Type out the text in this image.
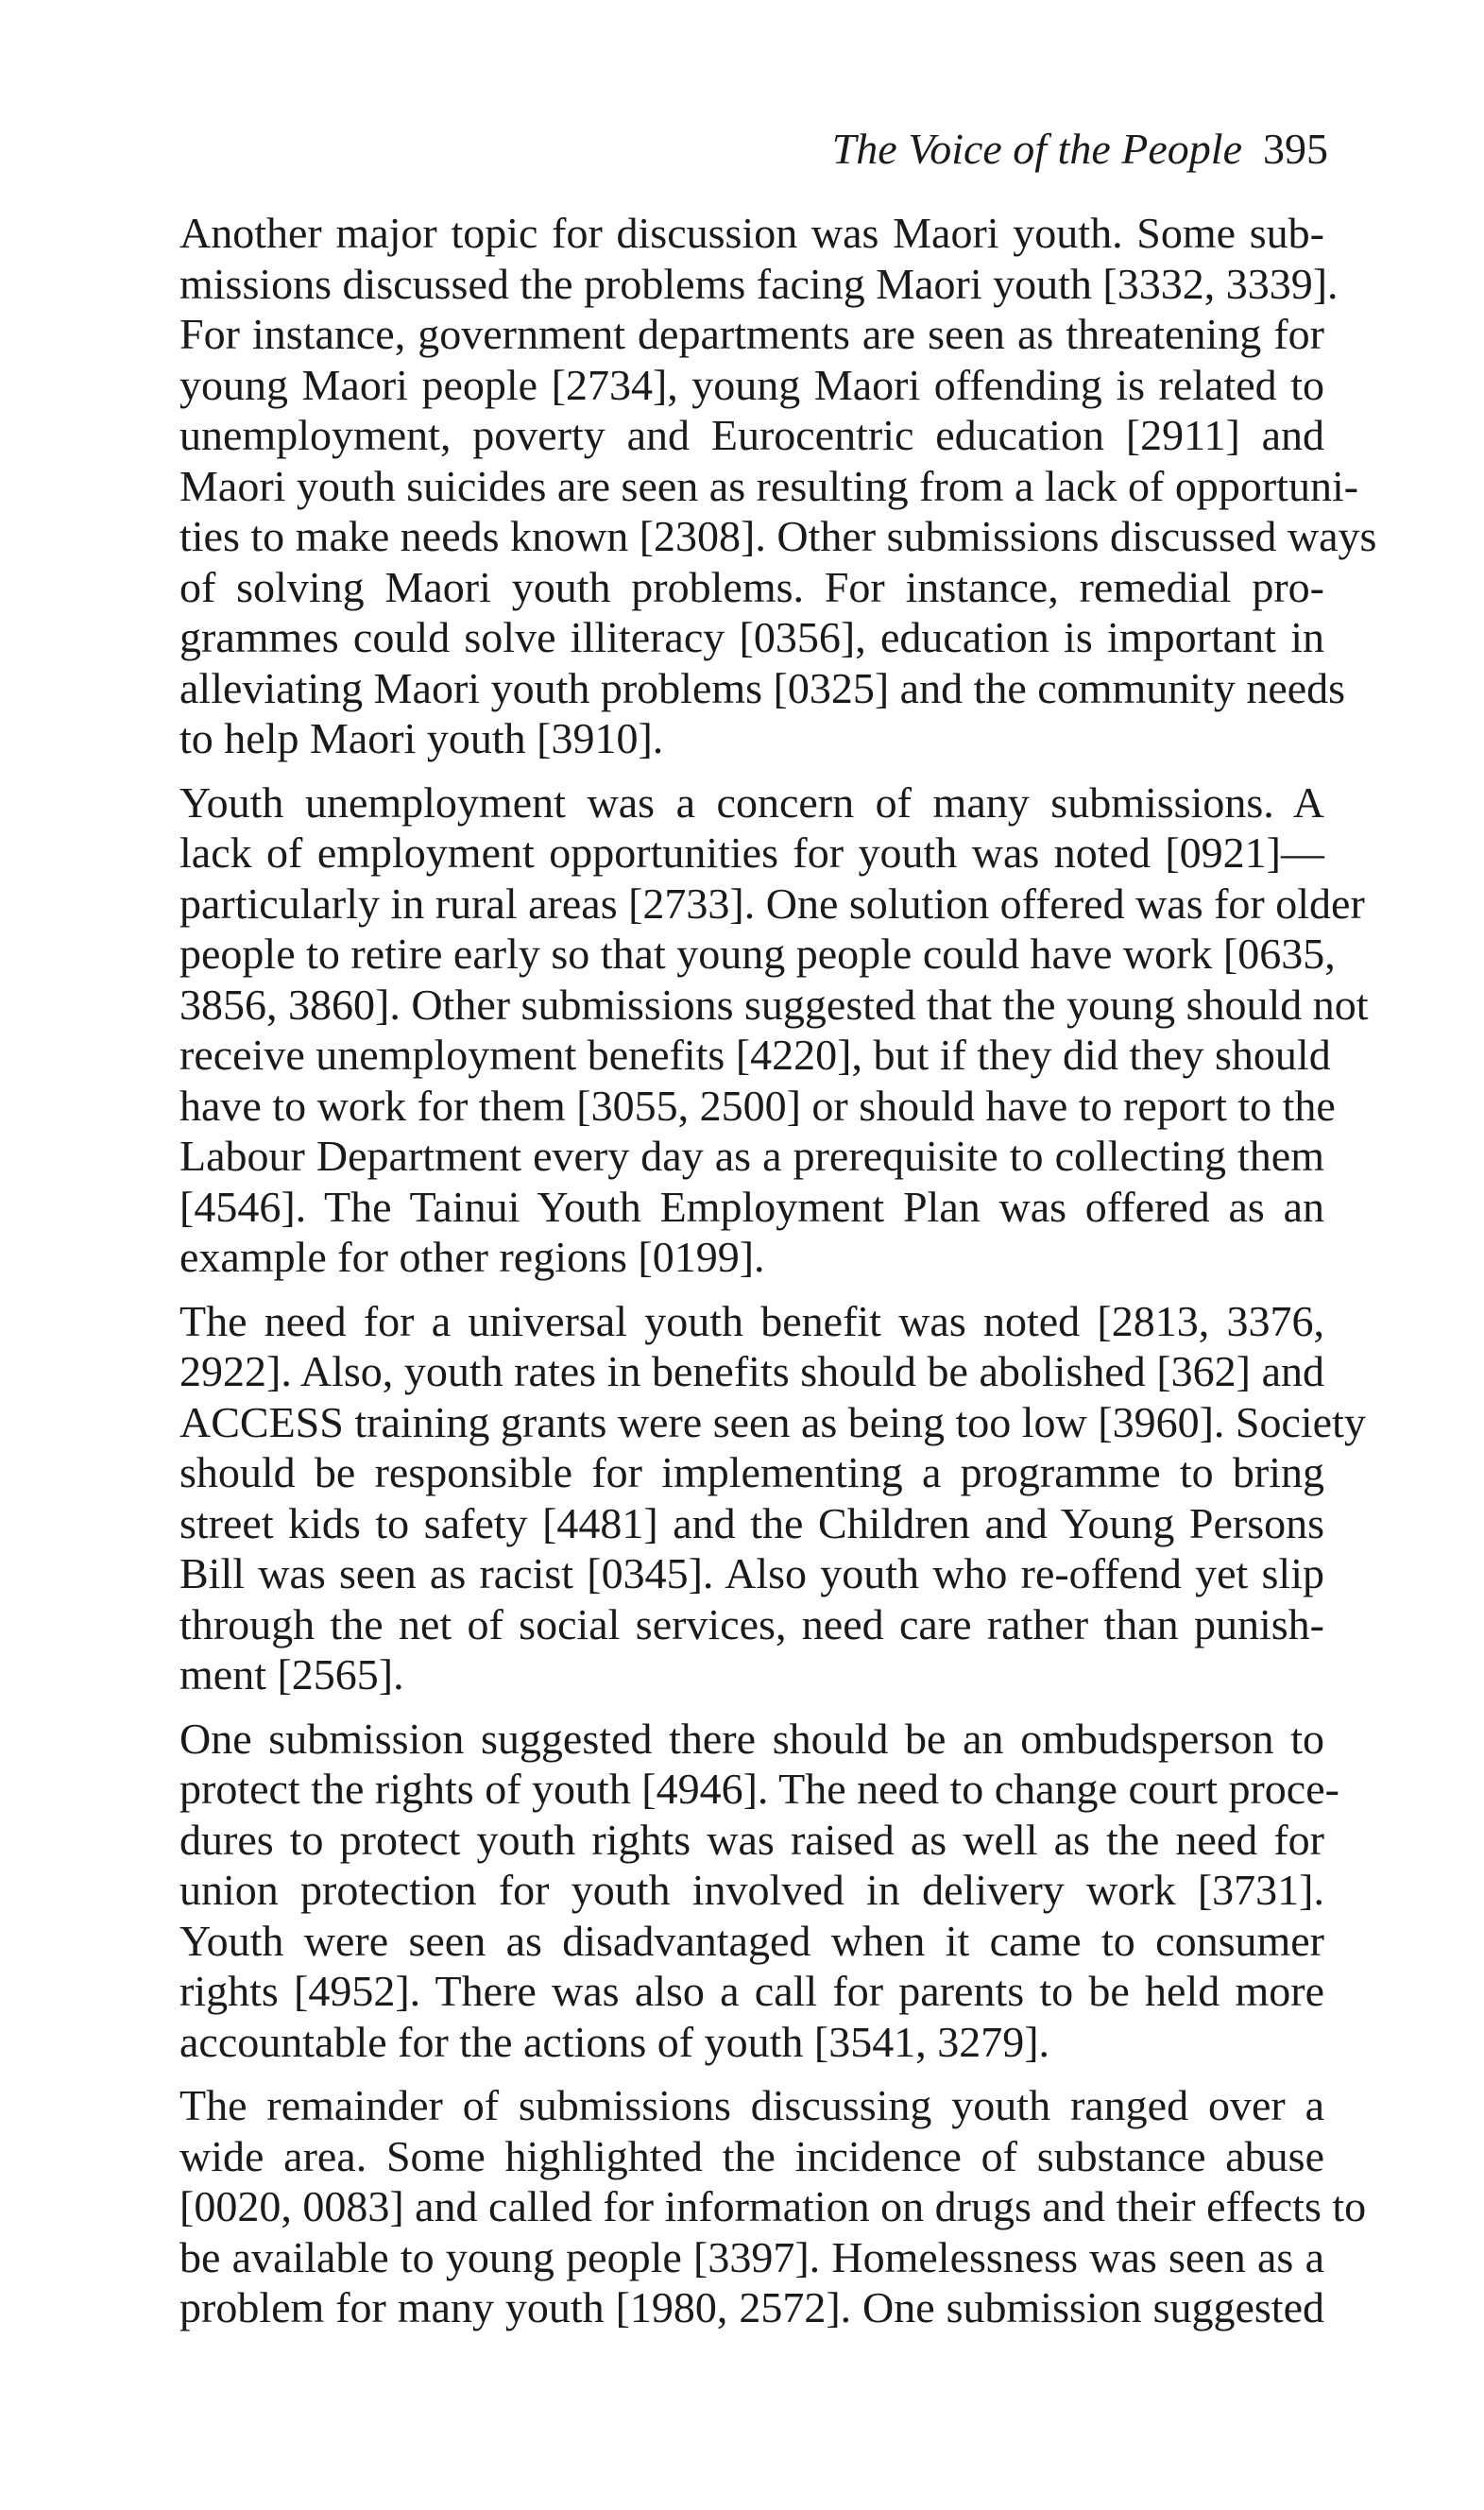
The Voice of the People 395

Another major topic for discussion was Maori youth. Some sub-
missions discussed the problems facing Maori youth [3332, 3339].
For instance, government departments are seen as threatening for
young Maori people [2734], young Maori offending is related to
unemployment, poverty and Eurocentric education [2911] and
Maori youth suicides are seen as resulting from a lack of opportuni-
ties to make needs known [2308]. Other submissions discussed ways
of solving Maori youth problems. For instance, remedial pro-
grammes could solve illiteracy [0356], education is important in
alleviating Maori youth problems [0325] and the community needs
to help Maori youth [3910].

Youth unemployment was a concern of many submissions. A
lack of employment opportunities for youth was noted [0921]—
particularly in rural areas [2733]. One solution offered was for older
people to retire early so that young people could have work [0635,
3856, 3860]. Other submissions suggested that the young should not
receive unemployment benefits [4220], but if they did they should
have to work for them [3055, 2500] or should have to report to the
Labour Department every day as a prerequisite to collecting them
[4546]. The Tainui Youth Employment Plan was offered as an
example for other regions [0199].

The need for a universal youth benefit was noted [2813, 3376,
2922]. Also, youth rates in benefits should be abolished [362] and
ACCESS training grants were seen as being too low [3960]. Society
should be responsible for implementing a programme to bring
street kids to safety [4481] and the Children and Young Persons
Bill was seen as racist [0345]. Also youth who re-offend yet slip
through the net of social services, need care rather than punish-
ment [2565].

One submission suggested there should be an ombudsperson to
protect the rights of youth [4946]. The need to change court proce-
dures to protect youth rights was raised as well as the need for
union protection for youth involved in delivery work [3731].
Youth were seen as disadvantaged when it came to consumer
rights [4952]. There was also a call for parents to be held more
accountable for the actions of youth [3541, 3279].

The remainder of submissions discussing youth ranged over a
wide area. Some highlighted the incidence of substance abuse
[0020, 0083] and called for information on drugs and their effects to
be available to young people [3397]. Homelessness was seen as a
problem for many youth [1980, 2572]. One submission suggested
